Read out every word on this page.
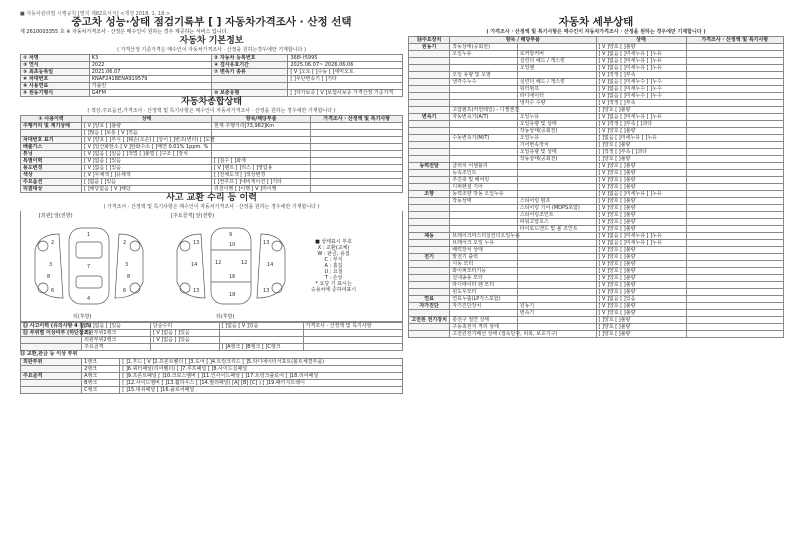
■ 자동차관리법 시행규칙 [별지 제82호서식] <개정 2018. 1. 18.>
중고차 성능·상태 점검기록부 [ ] 자동차가격조사 · 산정 선택
제 2610003355 호 ※ 자동차가격조사 · 산정은 매수인이 원하는 경우 제공하는 서비스 입니다.
자동차 기본정보
( 가격산정 기준가격은 매수인이 자동차가격조사 · 산정을 원하는경우에만 기재합니다 )
① 차명	K3	② 자동차 등록번호	368나5995
③ 연식	2022	④ 검사유효기간	2025.06.07~ 2026.06.06
⑤ 최초등록일	2021.06.07	⑦ 변속기 종류	[ V ]오토 [ ]수동 [ ]세미오토
⑥ 차대번호	KNAF241BENA919579		[ ]무단변속기 [ ]기타
⑧ 사용연료	가솔린		
⑨ 원동기형식	G4FM	⑩ 보증유형	[ ]자가보증 [ V ]보험사보증 가격산정 기준가격
자동차종합상태
( 색상,주요옵션,가격조사 · 산정액 및 특기사항은 매수인이 자동차가격조사 · 산정을 원하는 경우에만 기재합니다 )
① 사용이력	상태	항목/해당부품	가격조사 · 산정액 및 특기사항
주행거리 및 계기상태	[ V ]양호 [ ]불량	현재 주행거리[73,982]Km	
	[ ]많음 [ ]보통 [ V ]적음		
차대번호 표기	[ V ]양호 [ ]부식 [ ]훼손(오손) [ ]상이 [ ]변조(변타) [ ]도말		
배출가스	[ V ]일산화탄소 [ V ]탄화수소 [ ]매연 0.01% 1ppm. %		
튜닝	[ V ]없음 [ ]있음 [ ]적법 [ ]불법 [ ]구조 [ ]장치		
특별이력	[ V ]없음 [ ]있음	[ ]침수 [ ]화재	
용도변경	[ V ]없음 [ ]있음	[ V ]렌트 [ ]리스 [ ]영업용	
색상	[ V ]무채색 [ ]유채색	[ ]전체도색 [ ]색상변경	
주요옵션	[ ]없음 [ ]있음	[ ]썬루프 [ ]네비게이션 [ ]기타	
리콜대상	[ ]해당없음 [ V ]해당	리콜이행 [ ]이행 [ V ]미이행	
사고 교환 수리 등 이력
( 가격조사 · 산정액 및 특기사항은 매수인이 자동차가격조사 · 산정을 원하는 경우에만 기재합니다 )
[외관] 앞(전방)	[주요골격] 앞(전방)
1
7
4
3	3
2	2
6	6
8	8
9
10
12	12
16
18
14	14
13	13
13	13
■ 상태표시 부호
X : 교환(교체)
W : 판금, 용접
C : 부식
A : 흠집
U : 요철
T : 손상
* 요당 기 표시는
승용차에 준하여표시
뒤(후방)	뒤(후방)
⑪ 사고이력 (유의사항 4 참조)	[ V ]없음 [ ]있음	단순수리	[ ]없음 [ V ]있음	가격조사 · 산정액 및 특기사항
⑫ 부위별 이상여부 (하단참조)	외판부위1랭크	[ V ]없음 [ ]있음		
	외판부위2랭크	[ V ]없음 [ ]있음		
	주요골격		[ ]A랭크 [ ]B랭크 [ ]C랭크	
⑬ 교환,판금 등 이상 부위
외판부위	1랭크	[ ]1.후드 [ V ]2.프론트휀더 [ ]3.도어 [ ]4.트렁크리드 [ ]5.라디에이터서포트(볼트체결부품)
	2랭크	[ ]6.쿼터패널(리어휀더) [ ]7.루프패널 [ ]8.사이드실패널
주요골격	A랭크	[ ]9.프론트패널 [ ]10.크로스멤버 [ ]11.인사이드패널 [ ]17.트렁크플로어 [ ]18.리어패널
	B랭크	[ ]12.사이드멤버 [ ]13.휠하우스 [ ]14.필러패널( [A] [B] [C] ) [ ]19.패키지트레이
	C랭크	[ ]15.대쉬패널 [ ]16.플로어패널
자동차 세부상태
( 가격조사 · 산정액 및 특기사항은 매수인이 자동차가격조사 · 산정을 원하는 경우에만 기재합니다 )
⑭주요장치	항목 / 해당부품		상태	가격조사 · 산정액 및 특기사항
원동기	작동상태(공회전)		[ V ]양호 [ ]불량	
	오일누유	로커암커버	[ V ]없음 [ ]미세누유 [ ]누유	
		실린더 헤드 / 개스킷	[ V ]없음 [ ]미세누유 [ ]누유	
		오일팬	[ V ]없음 [ ]미세누유 [ ]누유	
	오일 유량 및 오염		[ V ]적정 [ ]부족	
	냉각수누수	실린더 헤드 / 개스킷	[ V ]없음 [ ]미세누수 [ ]누수	
		워터펌프	[ V ]없음 [ ]미세누수 [ ]누수	
		라디에이터	[ V ]없음 [ ]미세누수 [ ]누수	
		냉각수 수량	[ V ]적정 [ ]부족	
	고압펌프(커먼레일) - 디젤엔진		[ ]양호 [ ]불량	
변속기	자동변속기(A/T)	오일누유	[ V ]없음 [ ]미세누유 [ ]누유	
		오일유량 및 상태	[ V ]적정 [ ]부족 [ ]과다	
		작동상태(공회전)	[ V ]양호 [ ]불량	
	수동변속기(M/T)	오일누유	[ ]없음 [ ]미세누유 [ ]누유	
		기어변속장치	[ ]양호 [ ]불량	
		오일유량 및 상태	[ ]적정 [ ]부족 [ ]과다	
		작동상태(공회전)	[ ]양호 [ ]불량	
동력전달	클러치 어셈블리		[ V ]양호 [ ]불량	
	등속조인트		[ V ]양호 [ ]불량	
	추진축 및 베어링		[ V ]양호 [ ]불량	
	디퍼렌셜 기어		[ V ]양호 [ ]불량	
조향	동력조향 작동 오일누유		[ V ]없음 [ ]미세누유 [ ]누유	
	작동상태	스티어링 펌프	[ V ]양호 [ ]불량	
		스티어링 기어 (MDPS포함)	[ V ]양호 [ ]불량	
		스티어링조인트	[ V ]양호 [ ]불량	
		파워고압호스	[ V ]양호 [ ]불량	
		타이로드엔드 및 볼 조인트	[ V ]양호 [ ]불량	
제동	브레이크마스터실린더오일누유		[ V ]없음 [ ]미세누유 [ ]누유	
	브레이크 오일 누유		[ V ]없음 [ ]미세누유 [ ]누유	
	배력장치 상태		[ V ]양호 [ ]불량	
전기	발전기 출력		[ V ]양호 [ ]불량	
	시동 모터		[ V ]양호 [ ]불량	
	와이퍼모터기능		[ V ]양호 [ ]불량	
	실내송풍 모터		[ V ]양호 [ ]불량	
	라디에이터 팬 모터		[ V ]양호 [ ]불량	
	윈도우모터		[ V ]양호 [ ]불량	
연료	연료누출(LP가스포함)		[ V ]없음 [ ]있음	
자가진단	자기진단장치	원동기	[ V ]양호 [ ]불량	
		변속기	[ V ]양호 [ ]불량	
고전원 전기장치	충전구 절연 상태		[ ]양호 [ ]불량	
	구동축전지 격리 상태		[ ]양호 [ ]불량	
	고전원전기배선 상태 (접속단자, 피복, 보호기구)		[ ]양호 [ ]불량	
